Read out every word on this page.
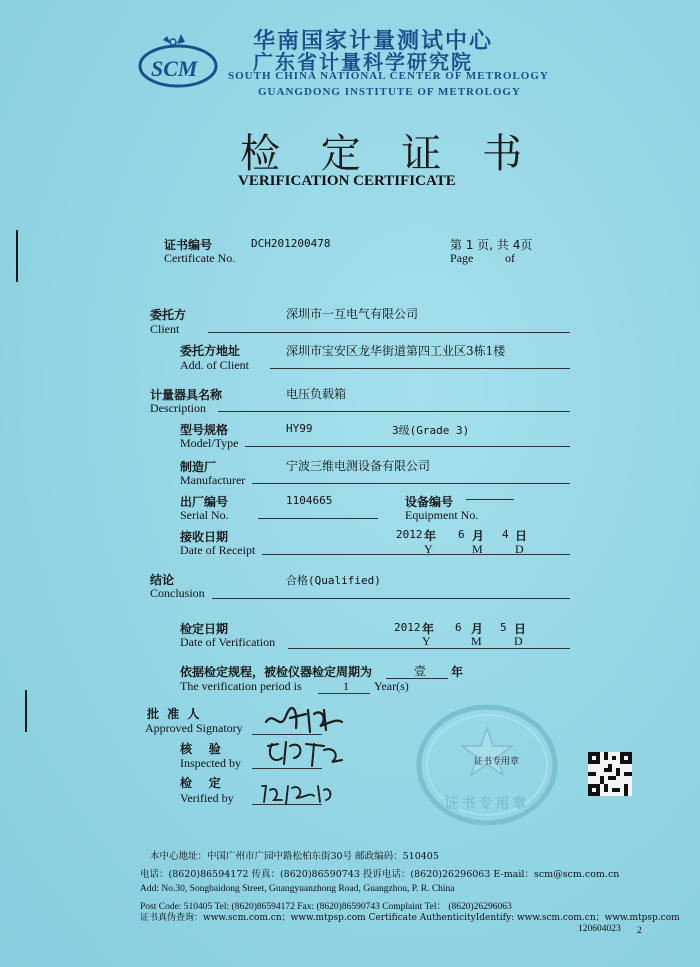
SCM
华南国家计量测试中心
广东省计量科学研究院
SOUTH CHINA NATIONAL CENTER OF METROLOGY
GUANGDONG INSTITUTE OF METROLOGY
检 定 证 书
VERIFICATION CERTIFICATE
证书编号
Certificate No.
DCH201200478	第 1 页, 共 4页
Page	of
委托方
Client
深圳市一互电气有限公司
委托方地址
Add. of Client
深圳市宝安区龙华街道第四工业区3栋1楼
计量器具名称
Description
电压负载箱
型号规格
Model/Type
HY99	3级(Grade 3)
制造厂
Manufacturer
宁波三维电测设备有限公司
出厂编号
Serial No.
1104665	设备编号
Equipment No.
接收日期
Date of Receipt
2012 年 6 月 4 日
Y	M	D
结论
Conclusion
合格(Qualified)
检定日期
Date of Verification
2012 年 6 月 5 日
Y	M	D
依据检定规程，被检仪器检定周期为	壹 年
The verification period is	1 Year(s)
批 准 人
Approved Signatory
核    验
Inspected by
检    定
Verified by	证书专用章
证书专用章
本中心地址：中国广州市广园中路松柏东街30号 邮政编码：510405
电话：(8620)86594172 传真：(8620)86590743 投诉电话：(8620)26296063 E-mail：scm@scm.com.cn
Add: No.30, Songbaidong Street, Guangyuanzhong Road, Guangzhou, P. R. China
Post Code: 510405 Tel: (8620)86594172 Fax: (8620)86590743 Complaint Tel： (8620)26296063
证书真伪查询：www.scm.com.cn；www.mtpsp.com Certificate AuthenticityIdentify: www.scm.com.cn；www.mtpsp.com
120604023 2
